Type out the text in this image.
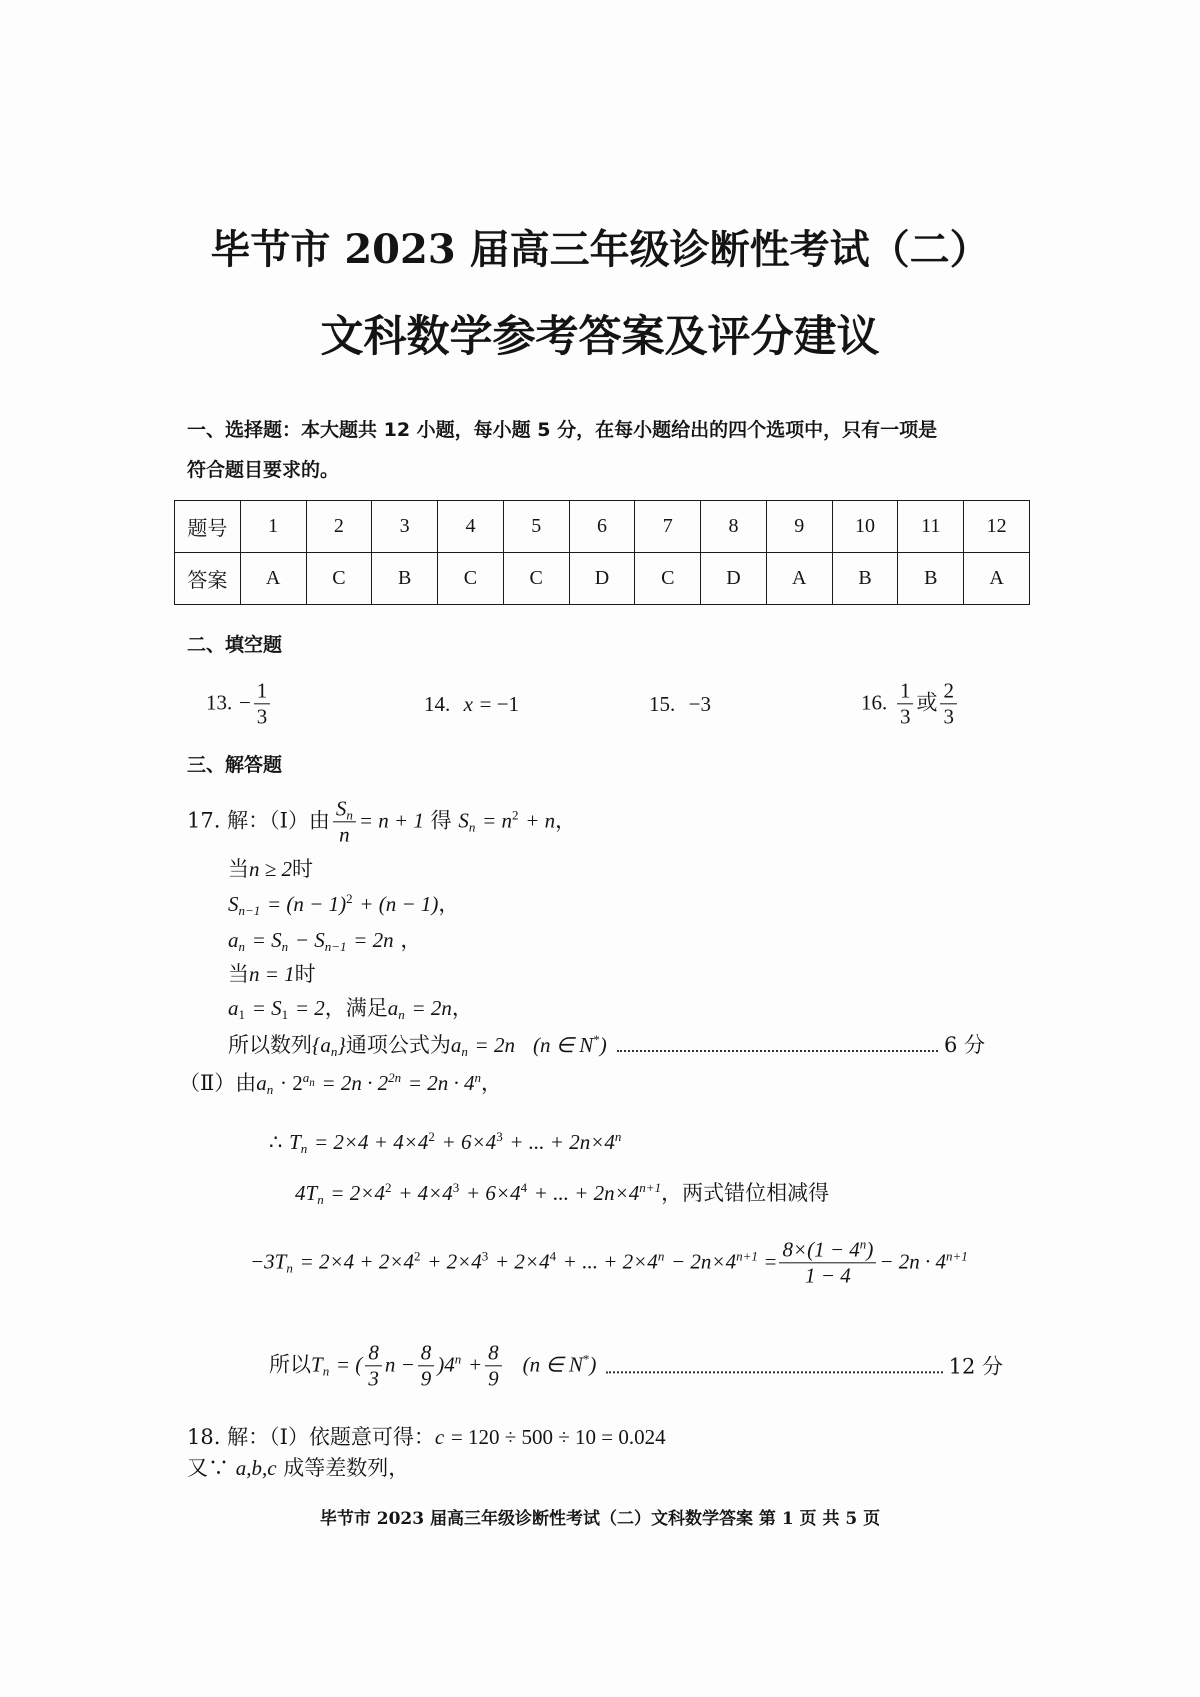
毕节市 2023 届高三年级诊断性考试（二）
文科数学参考答案及评分建议
一、选择题：本大题共 12 小题，每小题 5 分，在每小题给出的四个选项中，只有一项是
符合题目要求的。
题号	1	2	3	4	5	6	7	8	9	10	11	12
答案	A	C	B	C	C	D	C	D	A	B	B	A
二、填空题
13. − $\frac{1}{3}$	14. x = −1	15. −3	16. $\frac{1}{3}$ 或 $\frac{2}{3}$
三、解答题
17. 解：（Ⅰ）由 $\frac{S_n}{n} = n + 1$ 得 $S_n = n^2 + n$，
当n ≥ 2时
$S_{n-1} = (n - 1)^2 + (n - 1)$，
$a_n = S_n - S_{n-1} = 2n$ ，
当n = 1时
$a_1 = S_1 = 2$，满足$a_n = 2n$，
所以数列$\{a_n\}$通项公式为$a_n = 2n$ (n ∈ N*)	6 分
（Ⅱ）由$a_n \cdot 2^{a_n} = 2n \cdot 2^{2n} = 2n \cdot 4^n$，
∴ $T_n = 2\times 4 + 4\times 4^2 + 6\times 4^3$ + ... + $2n\times 4^n$
$4T_n = 2\times 4^2 + 4\times 4^3 + 6\times 4^4$ + ... + $2n\times 4^{n+1}$，两式错位相减得
$-3T_n = 2\times 4 + 2\times 4^2 + 2\times 4^3 + 2\times 4^4$ + ... + $2\times 4^n - 2n\times 4^{n+1} = \frac{8\times(1 - 4^n)}{1 - 4} - 2n \cdot 4^{n+1}$
所以$T_n$ = ( $\frac{8}{3}$ $n - \frac{8}{9} )4^n + \frac{8}{9} (n$ ∈ N*)	12 分
18. 解：（Ⅰ）依题意可得：c = 120 ÷ 500 ÷ 10 = 0.024
又∵ a,b,c 成等差数列，
毕节市 2023 届高三年级诊断性考试（二）文科数学答案 第 1 页 共 5 页
